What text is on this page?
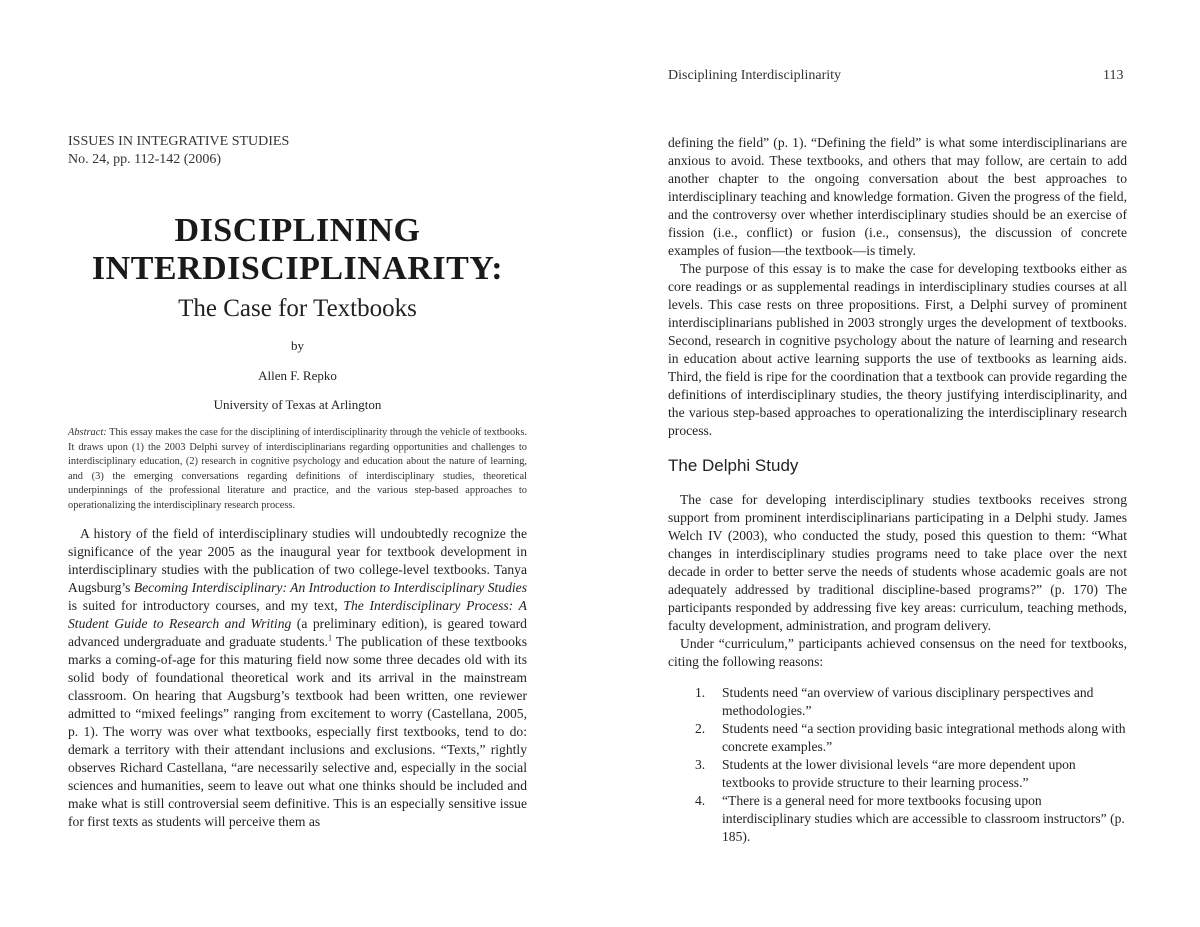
ISSUES IN INTEGRATIVE STUDIES
No. 24, pp. 112-142 (2006)
DISCIPLINING
INTERDISCIPLINARITY:
The Case for Textbooks
by
Allen F. Repko
University of Texas at Arlington
Abstract: This essay makes the case for the disciplining of interdisciplinarity through the vehicle of textbooks. It draws upon (1) the 2003 Delphi survey of interdisciplinarians regarding opportunities and challenges to interdisciplinary education, (2) research in cognitive psychology and education about the nature of learning, and (3) the emerging conversations regarding definitions of interdisciplinary studies, theoretical underpinnings of the professional literature and practice, and the various step-based approaches to operationalizing the interdisciplinary research process.

A history of the field of interdisciplinary studies will undoubtedly recognize the significance of the year 2005 as the inaugural year for textbook development in interdisciplinary studies with the publication of two college-level textbooks. Tanya Augsburg’s Becoming Interdisciplinary: An Introduction to Interdisciplinary Studies is suited for introductory courses, and my text, The Interdisciplinary Process: A Student Guide to Research and Writing (a preliminary edition), is geared toward advanced undergraduate and graduate students.$^1$ The publication of these textbooks marks a coming-of-age for this maturing field now some three decades old with its solid body of foundational theoretical work and its arrival in the mainstream classroom. On hearing that Augsburg’s textbook had been written, one reviewer admitted to “mixed feelings” ranging from excitement to worry (Castellana, 2005, p. 1). The worry was over what textbooks, especially first textbooks, tend to do: demark a territory with their attendant inclusions and exclusions. “Texts,” rightly observes Richard Castellana, “are necessarily selective and, especially in the social sciences and humanities, seem to leave out what one thinks should be included and make what is still controversial seem definitive. This is an especially sensitive issue for first texts as students will perceive them as

Disciplining Interdisciplinarity	113

defining the field” (p. 1). “Defining the field” is what some interdisciplinarians are anxious to avoid. These textbooks, and others that may follow, are certain to add another chapter to the ongoing conversation about the best approaches to interdisciplinary teaching and knowledge formation. Given the progress of the field, and the controversy over whether interdisciplinary studies should be an exercise of fission (i.e., conflict) or fusion (i.e., consensus), the discussion of concrete examples of fusion—the textbook—is timely.

The purpose of this essay is to make the case for developing textbooks either as core readings or as supplemental readings in interdisciplinary studies courses at all levels. This case rests on three propositions. First, a Delphi survey of prominent interdisciplinarians published in 2003 strongly urges the development of textbooks. Second, research in cognitive psychology about the nature of learning and research in education about active learning supports the use of textbooks as learning aids. Third, the field is ripe for the coordination that a textbook can provide regarding the definitions of interdisciplinary studies, the theory justifying interdisciplinarity, and the various step-based approaches to operationalizing the interdisciplinary research process.

The Delphi Study

The case for developing interdisciplinary studies textbooks receives strong support from prominent interdisciplinarians participating in a Delphi study. James Welch IV (2003), who conducted the study, posed this question to them: “What changes in interdisciplinary studies programs need to take place over the next decade in order to better serve the needs of students whose academic goals are not adequately addressed by traditional discipline-based programs?” (p. 170) The participants responded by addressing five key areas: curriculum, teaching methods, faculty development, administration, and program delivery.

Under “curriculum,” participants achieved consensus on the need for textbooks, citing the following reasons:

1. Students need “an overview of various disciplinary perspectives and methodologies.”
2. Students need “a section providing basic integrational methods along with concrete examples.”
3. Students at the lower divisional levels “are more dependent upon textbooks to provide structure to their learning process.”
4. “There is a general need for more textbooks focusing upon interdisciplinary studies which are accessible to classroom instructors” (p. 185).
